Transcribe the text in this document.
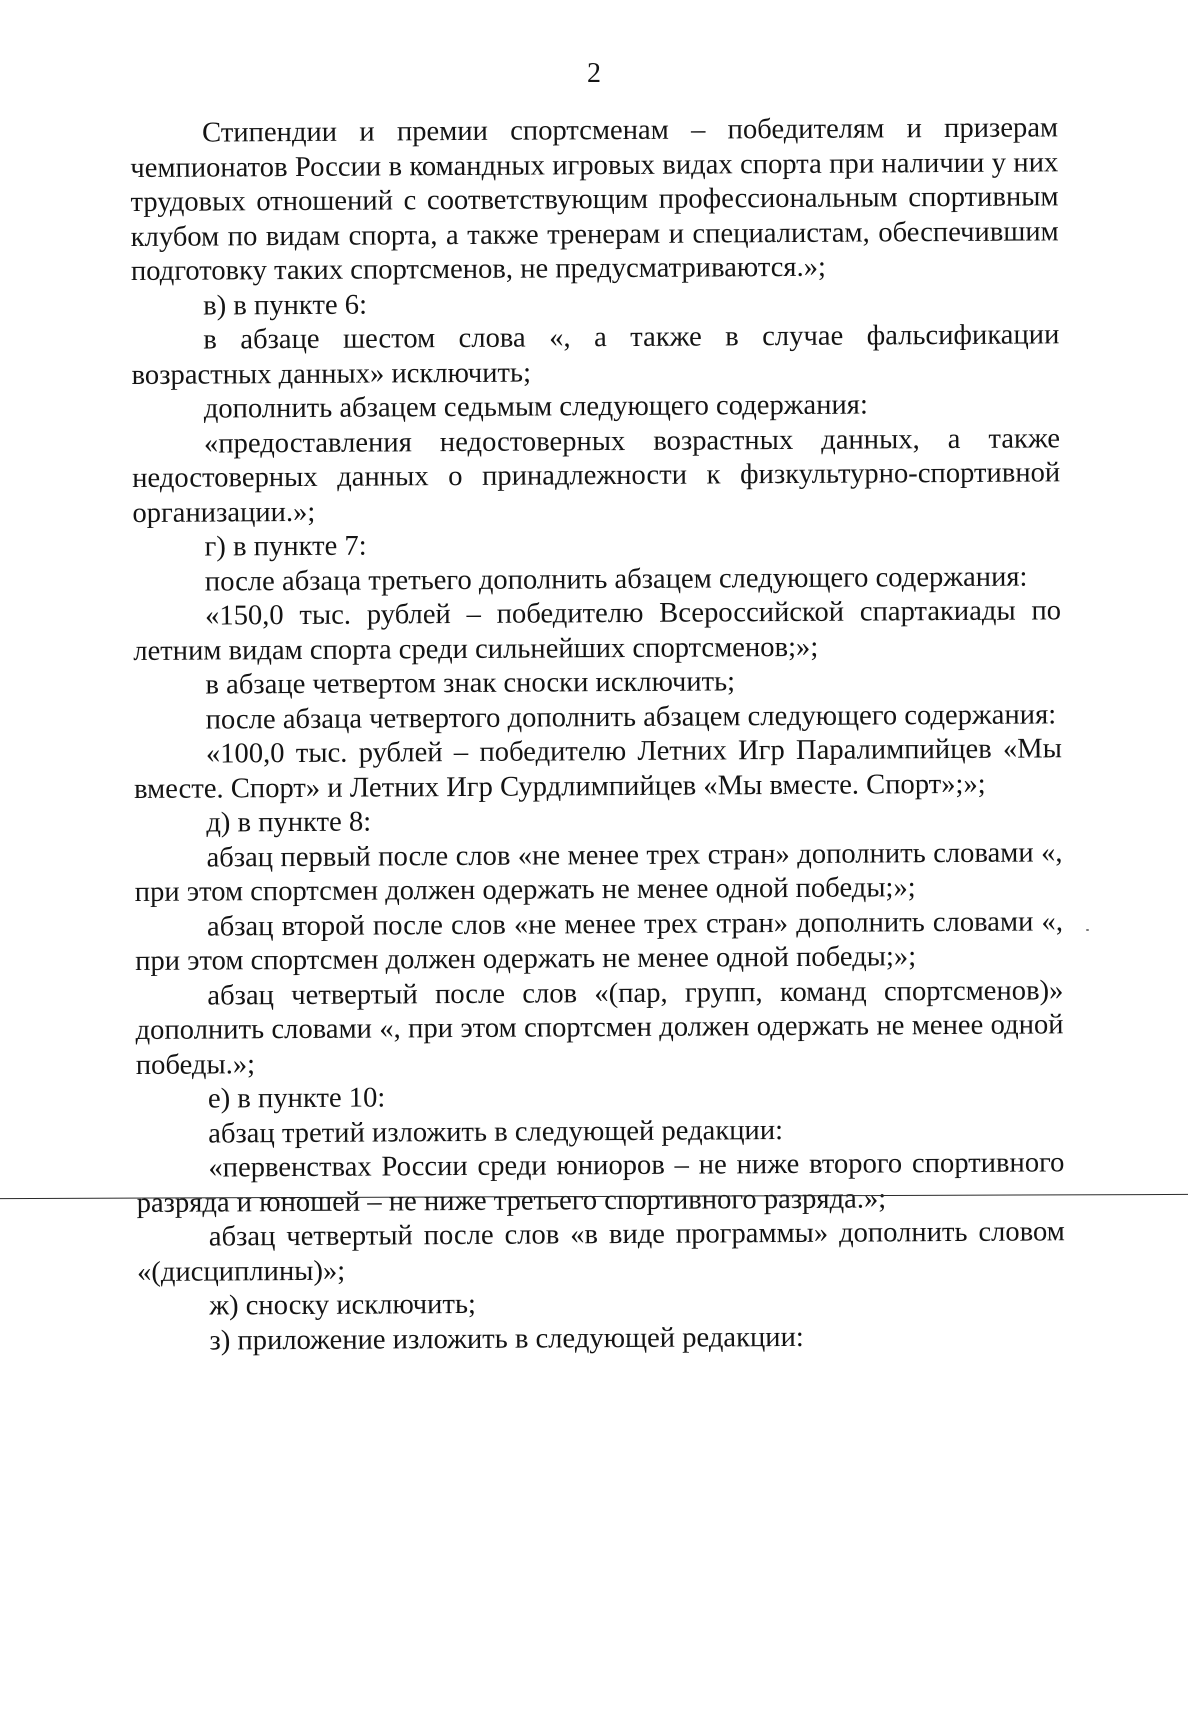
2

Стипендии и премии спортсменам – победителям и призерам чемпионатов России в командных игровых видах спорта при наличии у них трудовых отношений с соответствующим профессиональным спортивным клубом по видам спорта, а также тренерам и специалистам, обеспечившим подготовку таких спортсменов, не предусматриваются.»;

в) в пункте 6:

в абзаце шестом слова «, а также в случае фальсификации возрастных данных» исключить;

дополнить абзацем седьмым следующего содержания:

«предоставления недостоверных возрастных данных, а также недостоверных данных о принадлежности к физкультурно-спортивной организации.»;

г) в пункте 7:

после абзаца третьего дополнить абзацем следующего содержания:

«150,0 тыс. рублей – победителю Всероссийской спартакиады по летним видам спорта среди сильнейших спортсменов;»;

в абзаце четвертом знак сноски исключить;

после абзаца четвертого дополнить абзацем следующего содержания:

«100,0 тыс. рублей – победителю Летних Игр Паралимпийцев «Мы вместе. Спорт» и Летних Игр Сурдлимпийцев «Мы вместе. Спорт»;»;

д) в пункте 8:

абзац первый после слов «не менее трех стран» дополнить словами «, при этом спортсмен должен одержать не менее одной победы;»;

абзац второй после слов «не менее трех стран» дополнить словами «, при этом спортсмен должен одержать не менее одной победы;»;

абзац четвертый после слов «(пар, групп, команд спортсменов)» дополнить словами «, при этом спортсмен должен одержать не менее одной победы.»;

е) в пункте 10:

абзац третий изложить в следующей редакции:

«первенствах России среди юниоров – не ниже второго спортивного разряда и юношей – не ниже третьего спортивного разряда.»;

абзац четвертый после слов «в виде программы» дополнить словом «(дисциплины)»;

ж) сноску исключить;

з) приложение изложить в следующей редакции:
